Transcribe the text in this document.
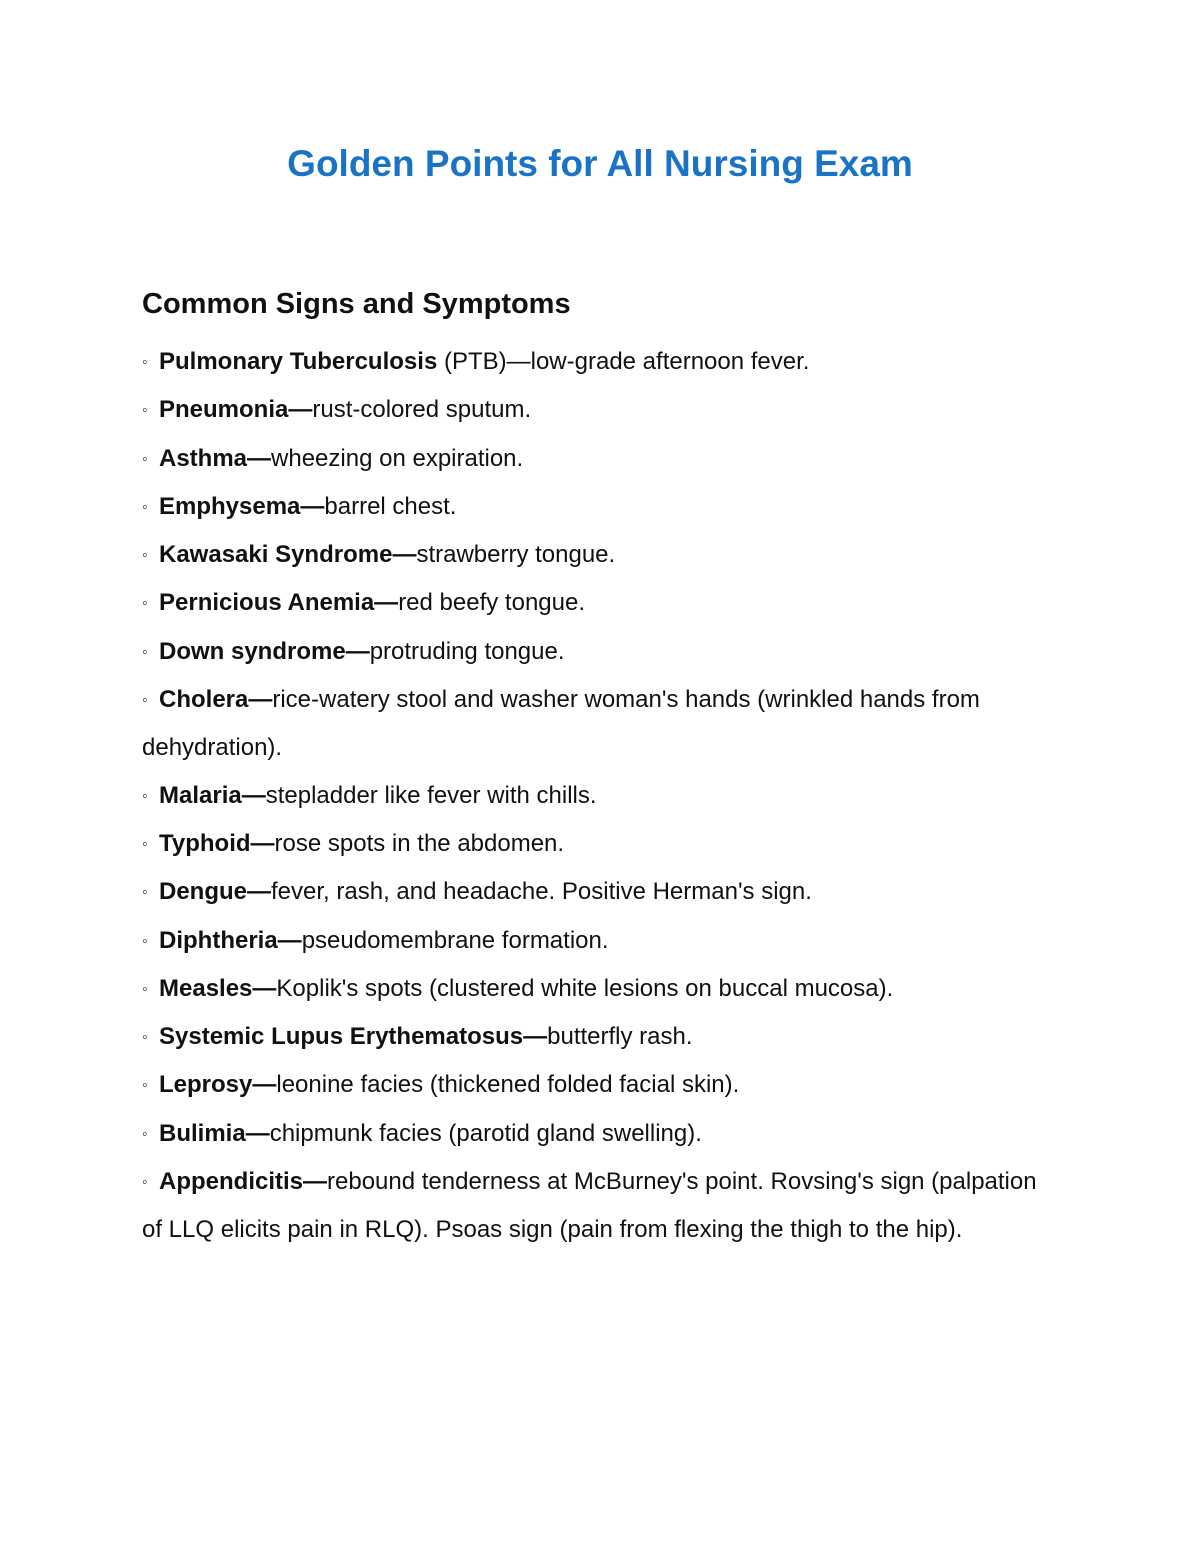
Golden Points for All Nursing Exam
Common Signs and Symptoms
◦ Pulmonary Tuberculosis (PTB)—low-grade afternoon fever.
◦ Pneumonia—rust-colored sputum.
◦ Asthma—wheezing on expiration.
◦ Emphysema—barrel chest.
◦ Kawasaki Syndrome—strawberry tongue.
◦ Pernicious Anemia—red beefy tongue.
◦ Down syndrome—protruding tongue.
◦ Cholera—rice-watery stool and washer woman's hands (wrinkled hands from dehydration).
◦ Malaria—stepladder like fever with chills.
◦ Typhoid—rose spots in the abdomen.
◦ Dengue—fever, rash, and headache. Positive Herman's sign.
◦ Diphtheria—pseudomembrane formation.
◦ Measles—Koplik's spots (clustered white lesions on buccal mucosa).
◦ Systemic Lupus Erythematosus—butterfly rash.
◦ Leprosy—leonine facies (thickened folded facial skin).
◦ Bulimia—chipmunk facies (parotid gland swelling).
◦ Appendicitis—rebound tenderness at McBurney's point. Rovsing's sign (palpation of LLQ elicits pain in RLQ). Psoas sign (pain from flexing the thigh to the hip).
